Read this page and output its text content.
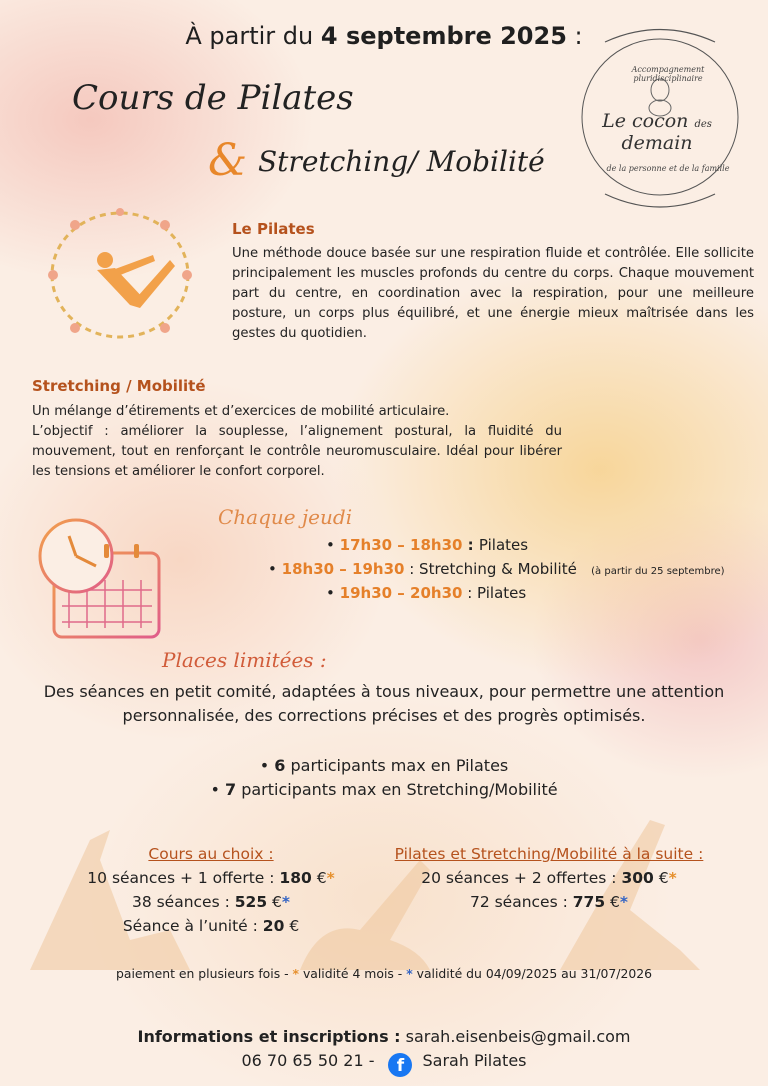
À partir du 4 septembre 2025 :
Cours de Pilates
& Stretching/ Mobilité
Accompagnement pluridisciplinaire
Le cocon des demain
de la personne et de la famille
Le Pilates
Une méthode douce basée sur une respiration fluide et contrôlée. Elle sollicite principalement les muscles profonds du centre du corps. Chaque mouvement part du centre, en coordination avec la respiration, pour une meilleure posture, un corps plus équilibré, et une énergie mieux maîtrisée dans les gestes du quotidien.
Stretching / Mobilité
Un mélange d’étirements et d’exercices de mobilité articulaire.
L’objectif : améliorer la souplesse, l’alignement postural, la fluidité du mouvement, tout en renforçant le contrôle neuromusculaire. Idéal pour libérer les tensions et améliorer le confort corporel.
Chaque jeudi
• 17h30 – 18h30 : Pilates
• 18h30 – 19h30 : Stretching & Mobilité (à partir du 25 septembre)
• 19h30 – 20h30 : Pilates
Places limitées :
Des séances en petit comité, adaptées à tous niveaux, pour permettre une attention personnalisée, des corrections précises et des progrès optimisés.
• 6 participants max en Pilates
• 7 participants max en Stretching/Mobilité
Cours au choix :
10 séances + 1 offerte : 180 €*
38 séances : 525 €*
Séance à l’unité : 20 €
Pilates et Stretching/Mobilité à la suite :
20 séances + 2 offertes : 300 €*
72 séances : 775 €*
paiement en plusieurs fois - * validité 4 mois - * validité du 04/09/2025 au 31/07/2026
Informations et inscriptions : sarah.eisenbeis@gmail.com
06 70 65 50 21 - f Sarah Pilates
